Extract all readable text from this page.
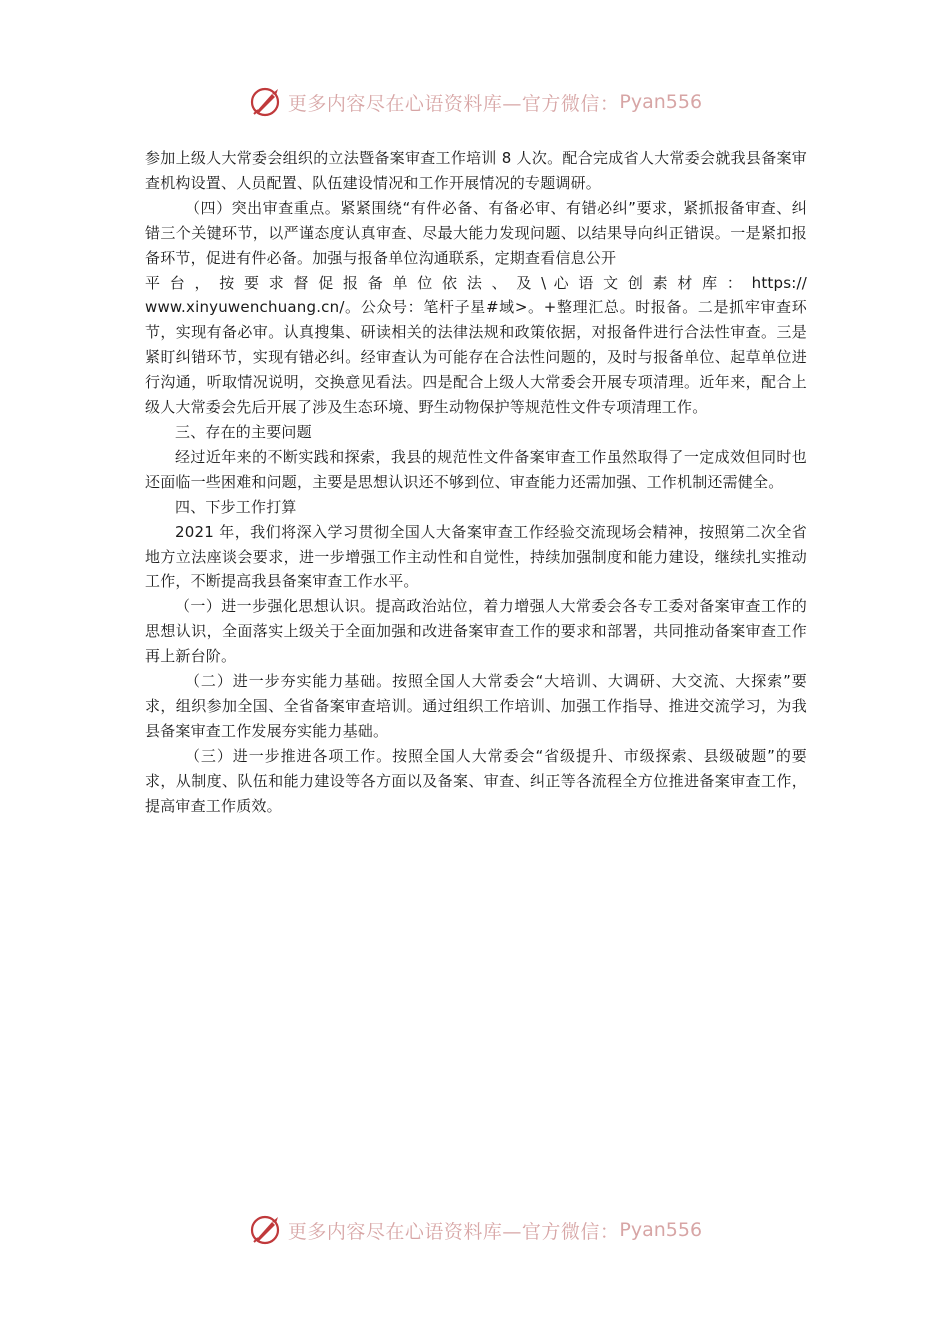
更多内容尽在心语资料库—官方微信： Pyan556

参加上级人大常委会组织的立法暨备案审查工作培训 8 人次。配合完成省人大常委会就我县备案审查机构设置、人员配置、队伍建设情况和工作开展情况的专题调研。

（四）突出审查重点。紧紧围绕“有件必备、有备必审、有错必纠”要求，紧抓报备审查、纠错三个关键环节，以严谨态度认真审查、尽最大能力发现问题、以结果导向纠正错误。一是紧扣报备环节，促进有件必备。加强与报备单位沟通联系，定期查看信息公开

平 台 ， 按 要 求 督 促 报 备 单 位 依 法 、 及 \ 心 语 文 创 素 材 库 ： https://

www.xinyuwenchuang.cn/。公众号：笔杆子星#域>。+整理汇总。时报备。二是抓牢审查环节，实现有备必审。认真搜集、研读相关的法律法规和政策依据，对报备件进行合法性审查。三是紧盯纠错环节，实现有错必纠。经审查认为可能存在合法性问题的，及时与报备单位、起草单位进行沟通，听取情况说明，交换意见看法。四是配合上级人大常委会开展专项清理。近年来，配合上级人大常委会先后开展了涉及生态环境、野生动物保护等规范性文件专项清理工作。

三、存在的主要问题

经过近年来的不断实践和探索，我县的规范性文件备案审查工作虽然取得了一定成效但同时也还面临一些困难和问题，主要是思想认识还不够到位、审查能力还需加强、工作机制还需健全。

四、下步工作打算

2021 年，我们将深入学习贯彻全国人大备案审查工作经验交流现场会精神，按照第二次全省地方立法座谈会要求，进一步增强工作主动性和自觉性，持续加强制度和能力建设，继续扎实推动工作，不断提高我县备案审查工作水平。

（一）进一步强化思想认识。提高政治站位，着力增强人大常委会各专工委对备案审查工作的思想认识，全面落实上级关于全面加强和改进备案审查工作的要求和部署，共同推动备案审查工作再上新台阶。

（二）进一步夯实能力基础。按照全国人大常委会“大培训、大调研、大交流、大探索”要求，组织参加全国、全省备案审查培训。通过组织工作培训、加强工作指导、推进交流学习，为我县备案审查工作发展夯实能力基础。

（三）进一步推进各项工作。按照全国人大常委会“省级提升、市级探索、县级破题”的要求，从制度、队伍和能力建设等各方面以及备案、审查、纠正等各流程全方位推进备案审查工作，提高审查工作质效。

更多内容尽在心语资料库—官方微信： Pyan556
